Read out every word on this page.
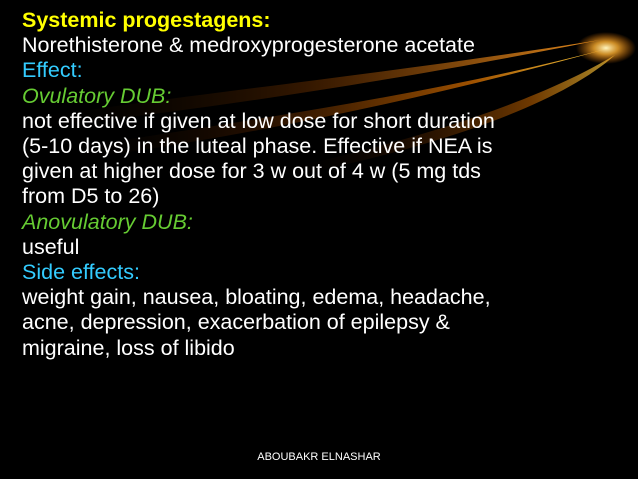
Systemic progestagens:
Norethisterone & medroxyprogesterone acetate
Effect:
Ovulatory DUB:
not effective if given at low dose for short duration
(5-10 days) in the luteal phase. Effective if NEA is
given at higher dose for 3 w out of 4 w (5 mg tds
from D5 to 26)
Anovulatory DUB:
useful
Side effects:
weight gain, nausea, bloating, edema, headache,
acne, depression, exacerbation of epilepsy &
migraine, loss of libido
ABOUBAKR ELNASHAR
